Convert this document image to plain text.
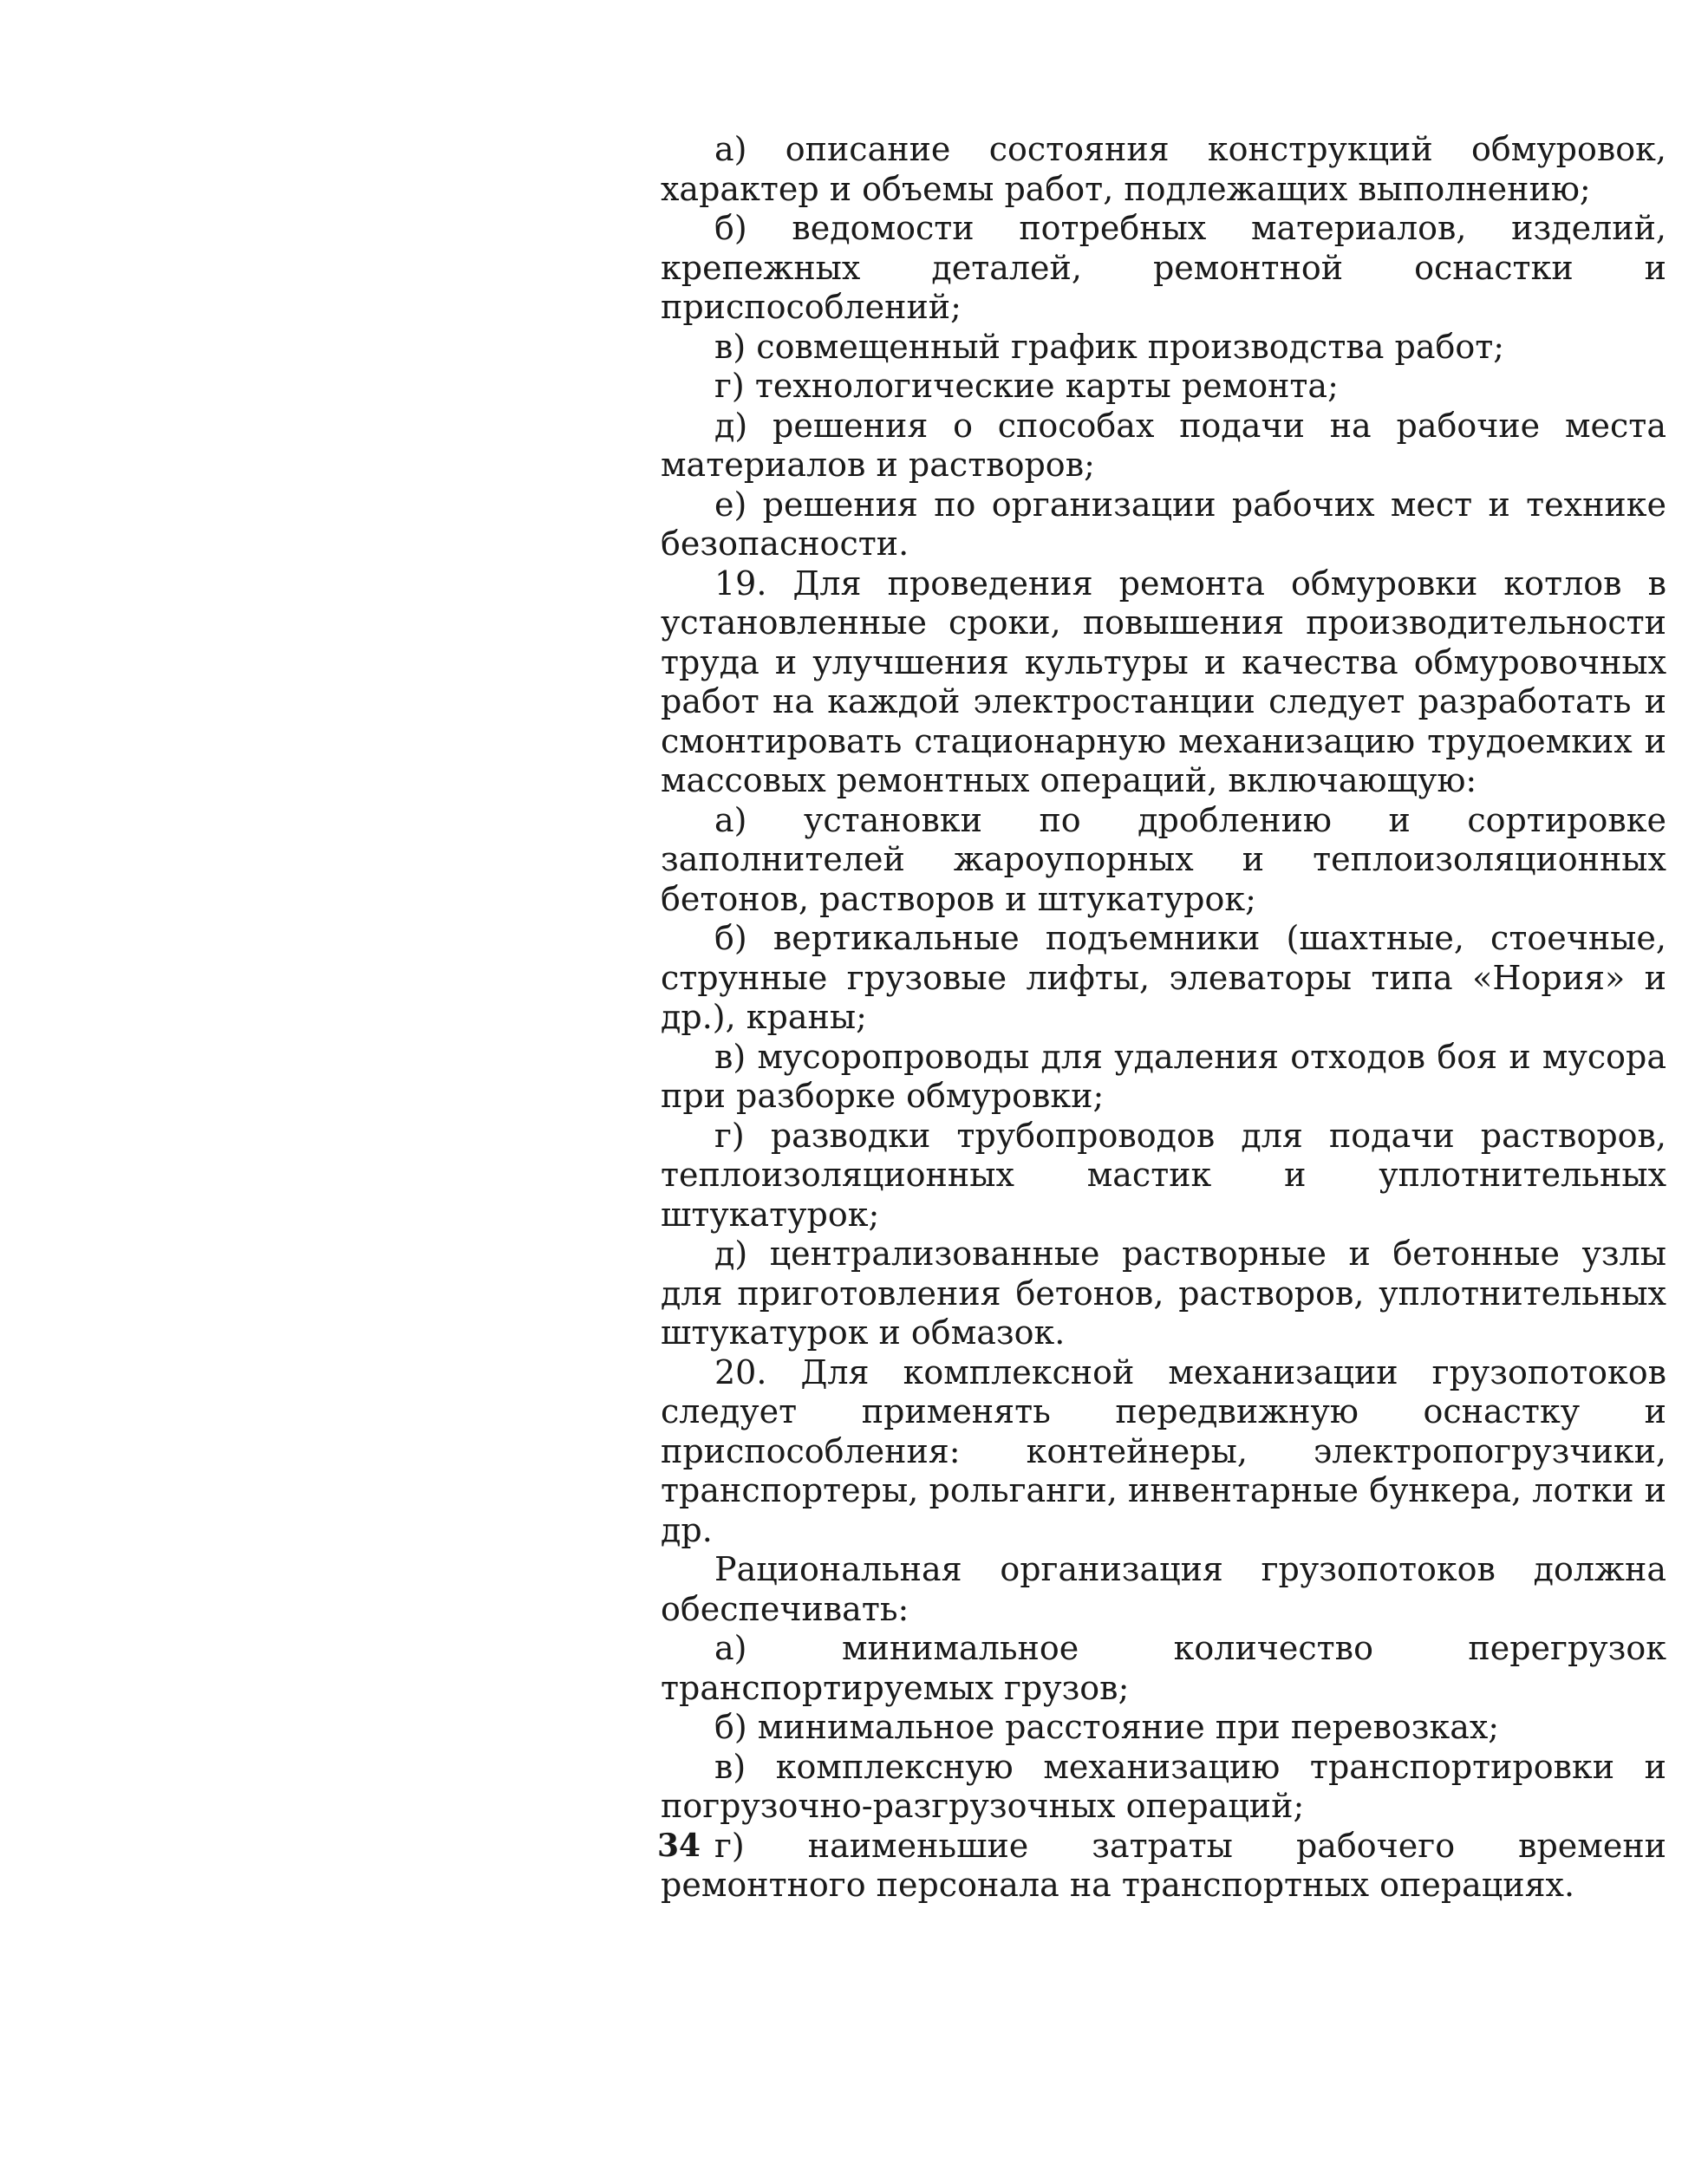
а) описание состояния конструкций обмуровок, характер и объемы работ, подлежащих выполнению;

б) ведомости потребных материалов, изделий, крепежных деталей, ремонтной оснастки и приспособлений;

в) совмещенный график производства работ;

г) технологические карты ремонта;

д) решения о способах подачи на рабочие места материалов и растворов;

е) решения по организации рабочих мест и технике безопасности.

19. Для проведения ремонта обмуровки котлов в установленные сроки, повышения производительности труда и улучшения культуры и качества обмуровочных работ на каждой электростанции следует разработать и смонтировать стационарную механизацию трудоемких и массовых ремонтных операций, включающую:

а) установки по дроблению и сортировке заполнителей жароупорных и теплоизоляционных бетонов, растворов и штукатурок;

б) вертикальные подъемники (шахтные, стоечные, струнные грузовые лифты, элеваторы типа «Нория» и др.), краны;

в) мусоропроводы для удаления отходов боя и мусора при разборке обмуровки;

г) разводки трубопроводов для подачи растворов, теплоизоляционных мастик и уплотнительных штукатурок;

д) централизованные растворные и бетонные узлы для приготовления бетонов, растворов, уплотнительных штукатурок и обмазок.

20. Для комплексной механизации грузопотоков следует применять передвижную оснастку и приспособления: контейнеры, электропогрузчики, транспортеры, рольганги, инвентарные бункера, лотки и др.

Рациональная организация грузопотоков должна обеспечивать:

а) минимальное количество перегрузок транспортируемых грузов;

б) минимальное расстояние при перевозках;

в) комплексную механизацию транспортировки и погрузочно-разгрузочных операций;

г) наименьшие затраты рабочего времени ремонтного персонала на транспортных операциях.

34
